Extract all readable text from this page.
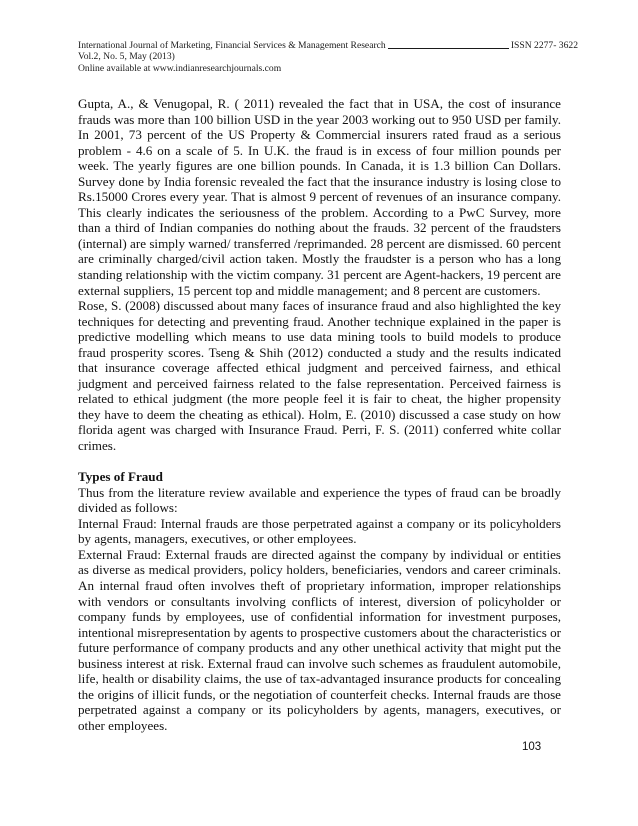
International Journal of Marketing, Financial Services & Management Research	ISSN 2277- 3622
Vol.2, No. 5, May (2013)
Online available at www.indianresearchjournals.com

Gupta, A., & Venugopal, R. ( 2011) revealed the fact that in USA, the cost of insurance frauds was more than 100 billion USD in the year 2003 working out to 950 USD per family. In 2001, 73 percent of the US Property & Commercial insurers rated fraud as a serious problem - 4.6 on a scale of 5. In U.K. the fraud is in excess of four million pounds per week. The yearly figures are one billion pounds. In Canada, it is 1.3 billion Can Dollars. Survey done by India forensic revealed the fact that the insurance industry is losing close to Rs.15000 Crores every year. That is almost 9 percent of revenues of an insurance company. This clearly indicates the seriousness of the problem. According to a PwC Survey, more than a third of Indian companies do nothing about the frauds. 32 percent of the fraudsters (internal) are simply warned/ transferred /reprimanded. 28 percent are dismissed. 60 percent are criminally charged/civil action taken. Mostly the fraudster is a person who has a long standing relationship with the victim company. 31 percent are Agent-hackers, 19 percent are external suppliers, 15 percent top and middle management; and 8 percent are customers.

Rose, S. (2008) discussed about many faces of insurance fraud and also highlighted the key techniques for detecting and preventing fraud. Another technique explained in the paper is predictive modelling which means to use data mining tools to build models to produce fraud prosperity scores. Tseng & Shih (2012) conducted a study and the results indicated that insurance coverage affected ethical judgment and perceived fairness, and ethical judgment and perceived fairness related to the false representation. Perceived fairness is related to ethical judgment (the more people feel it is fair to cheat, the higher propensity they have to deem the cheating as ethical). Holm, E. (2010) discussed a case study on how florida agent was charged with Insurance Fraud. Perri, F. S. (2011) conferred white collar crimes.

Types of Fraud

Thus from the literature review available and experience the types of fraud can be broadly divided as follows:

Internal Fraud: Internal frauds are those perpetrated against a company or its policyholders by agents, managers, executives, or other employees.

External Fraud: External frauds are directed against the company by individual or entities as diverse as medical providers, policy holders, beneficiaries, vendors and career criminals. An internal fraud often involves theft of proprietary information, improper relationships with vendors or consultants involving conflicts of interest, diversion of policyholder or company funds by employees, use of confidential information for investment purposes, intentional misrepresentation by agents to prospective customers about the characteristics or future performance of company products and any other unethical activity that might put the business interest at risk. External fraud can involve such schemes as fraudulent automobile, life, health or disability claims, the use of tax-advantaged insurance products for concealing the origins of illicit funds, or the negotiation of counterfeit checks. Internal frauds are those perpetrated against a company or its policyholders by agents, managers, executives, or other employees.

103
